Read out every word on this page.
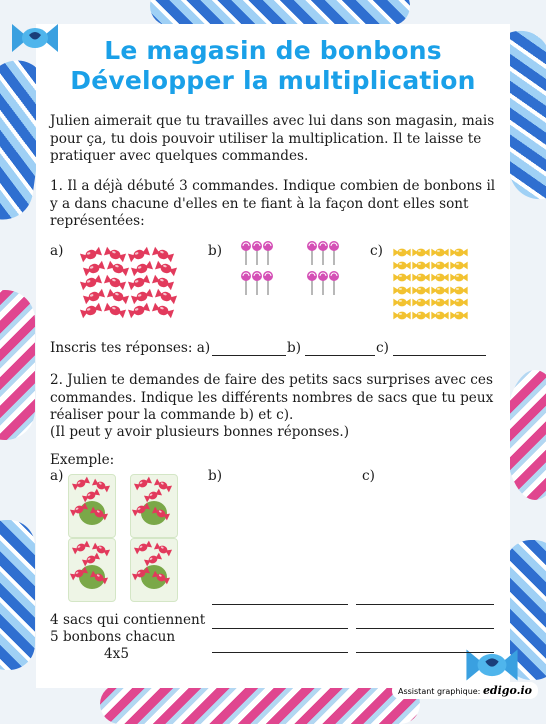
Le magasin de bonbons
Développer la multiplication
Julien aimerait que tu travailles avec lui dans son magasin, mais pour ça, tu dois pouvoir utiliser la multiplication. Il te laisse te pratiquer avec quelques commandes.
1. Il a déjà débuté 3 commandes. Indique combien de bonbons il y a dans chacune d'elles en te fiant à la façon dont elles sont représentées:
a)	b)	c)
Inscris tes réponses: a)	b)	c)
2. Julien te demandes de faire des petits sacs surprises avec ces commandes. Indique les différents nombres de sacs que tu peux réaliser pour la commande b) et c).
(Il peut y avoir plusieurs bonnes réponses.)
Exemple:
a)	b)	c)
4 sacs qui contiennent
5 bonbons chacun
4x5
Assistant graphique: edigo.io
